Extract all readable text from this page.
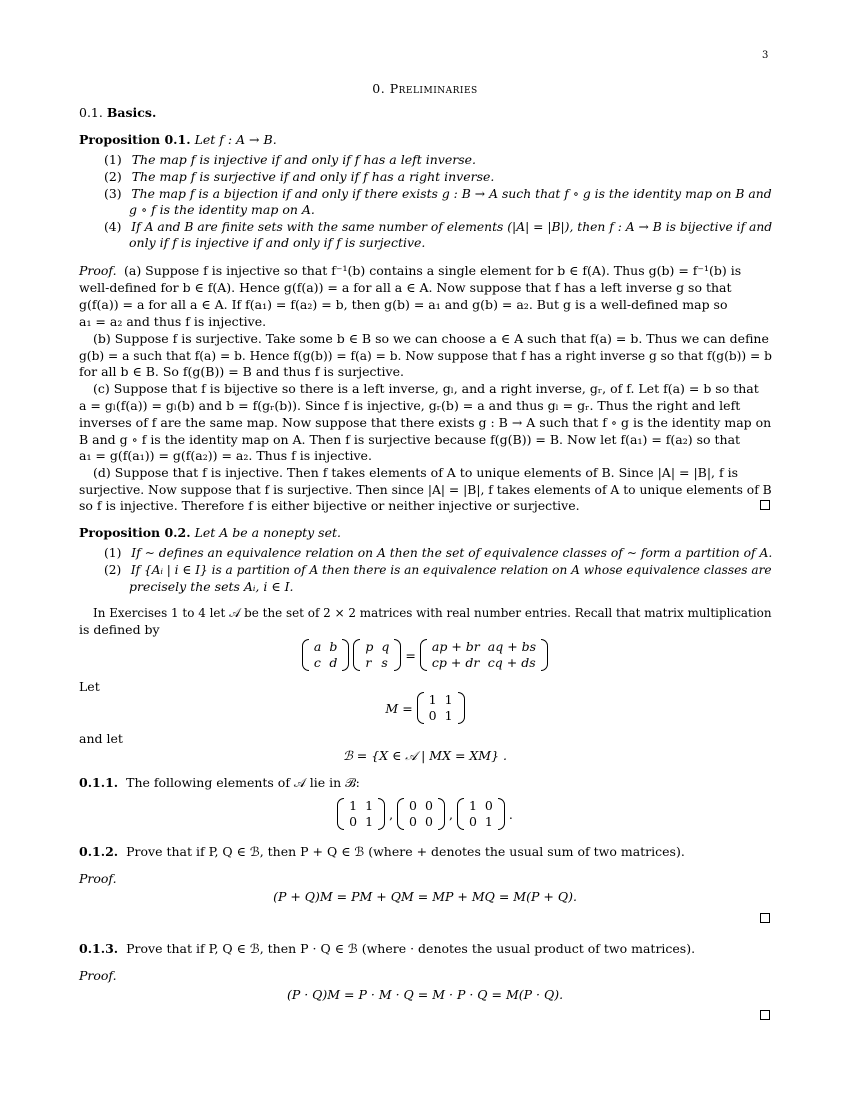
3
0. Preliminaries
0.1. Basics.
Proposition 0.1. Let f : A → B.
(1) The map f is injective if and only if f has a left inverse.
(2) The map f is surjective if and only if f has a right inverse.
(3) The map f is a bijection if and only if there exists g : B → A such that f ∘ g is the identity map on B and
g ∘ f is the identity map on A.
(4) If A and B are finite sets with the same number of elements (|A| = |B|), then f : A → B is bijective if and
only if f is injective if and only if f is surjective.
Proof. (a) Suppose f is injective so that f⁻¹(b) contains a single element for b ∈ f(A). Thus g(b) = f⁻¹(b) is
well-defined for b ∈ f(A). Hence g(f(a)) = a for all a ∈ A. Now suppose that f has a left inverse g so that
g(f(a)) = a for all a ∈ A. If f(a₁) = f(a₂) = b, then g(b) = a₁ and g(b) = a₂. But g is a well-defined map so
a₁ = a₂ and thus f is injective.
(b) Suppose f is surjective. Take some b ∈ B so we can choose a ∈ A such that f(a) = b. Thus we can define
g(b) = a such that f(a) = b. Hence f(g(b)) = f(a) = b. Now suppose that f has a right inverse g so that f(g(b)) = b
for all b ∈ B. So f(g(B)) = B and thus f is surjective.
(c) Suppose that f is bijective so there is a left inverse, gₗ, and a right inverse, gᵣ, of f. Let f(a) = b so that
a = gₗ(f(a)) = gₗ(b) and b = f(gᵣ(b)). Since f is injective, gᵣ(b) = a and thus gₗ = gᵣ. Thus the right and left
inverses of f are the same map. Now suppose that there exists g : B → A such that f ∘ g is the identity map on
B and g ∘ f is the identity map on A. Then f is surjective because f(g(B)) = B. Now let f(a₁) = f(a₂) so that
a₁ = g(f(a₁)) = g(f(a₂)) = a₂. Thus f is injective.
(d) Suppose that f is injective. Then f takes elements of A to unique elements of B. Since |A| = |B|, f is
surjective. Now suppose that f is surjective. Then since |A| = |B|, f takes elements of A to unique elements of B
so f is injective. Therefore f is either bijective or neither injective or surjective.
Proposition 0.2. Let A be a nonepty set.
(1) If ∼ defines an equivalence relation on A then the set of equivalence classes of ∼ form a partition of A.
(2) If {Aᵢ | i ∈ I} is a partition of A then there is an equivalence relation on A whose equivalence classes are
precisely the sets Aᵢ, i ∈ I.
In Exercises 1 to 4 let 𝒜 be the set of 2 × 2 matrices with real number entries. Recall that matrix multiplication
is defined by
a	b
c	d
p	q
r	s =
ap + br	aq + bs
cp + dr	cq + ds
Let
M =
1	1
0	1
and let
ℬ = {X ∈ 𝒜 | MX = XM} .
0.1.1. The following elements of 𝒜 lie in ℬ:
1	1
0	1 ,
0	0
0	0 ,
1	0
0	1 .
0.1.2. Prove that if P, Q ∈ ℬ, then P + Q ∈ ℬ (where + denotes the usual sum of two matrices).
Proof.
(P + Q)M = PM + QM = MP + MQ = M(P + Q).
0.1.3. Prove that if P, Q ∈ ℬ, then P · Q ∈ ℬ (where · denotes the usual product of two matrices).
Proof.
(P · Q)M = P · M · Q = M · P · Q = M(P · Q).
